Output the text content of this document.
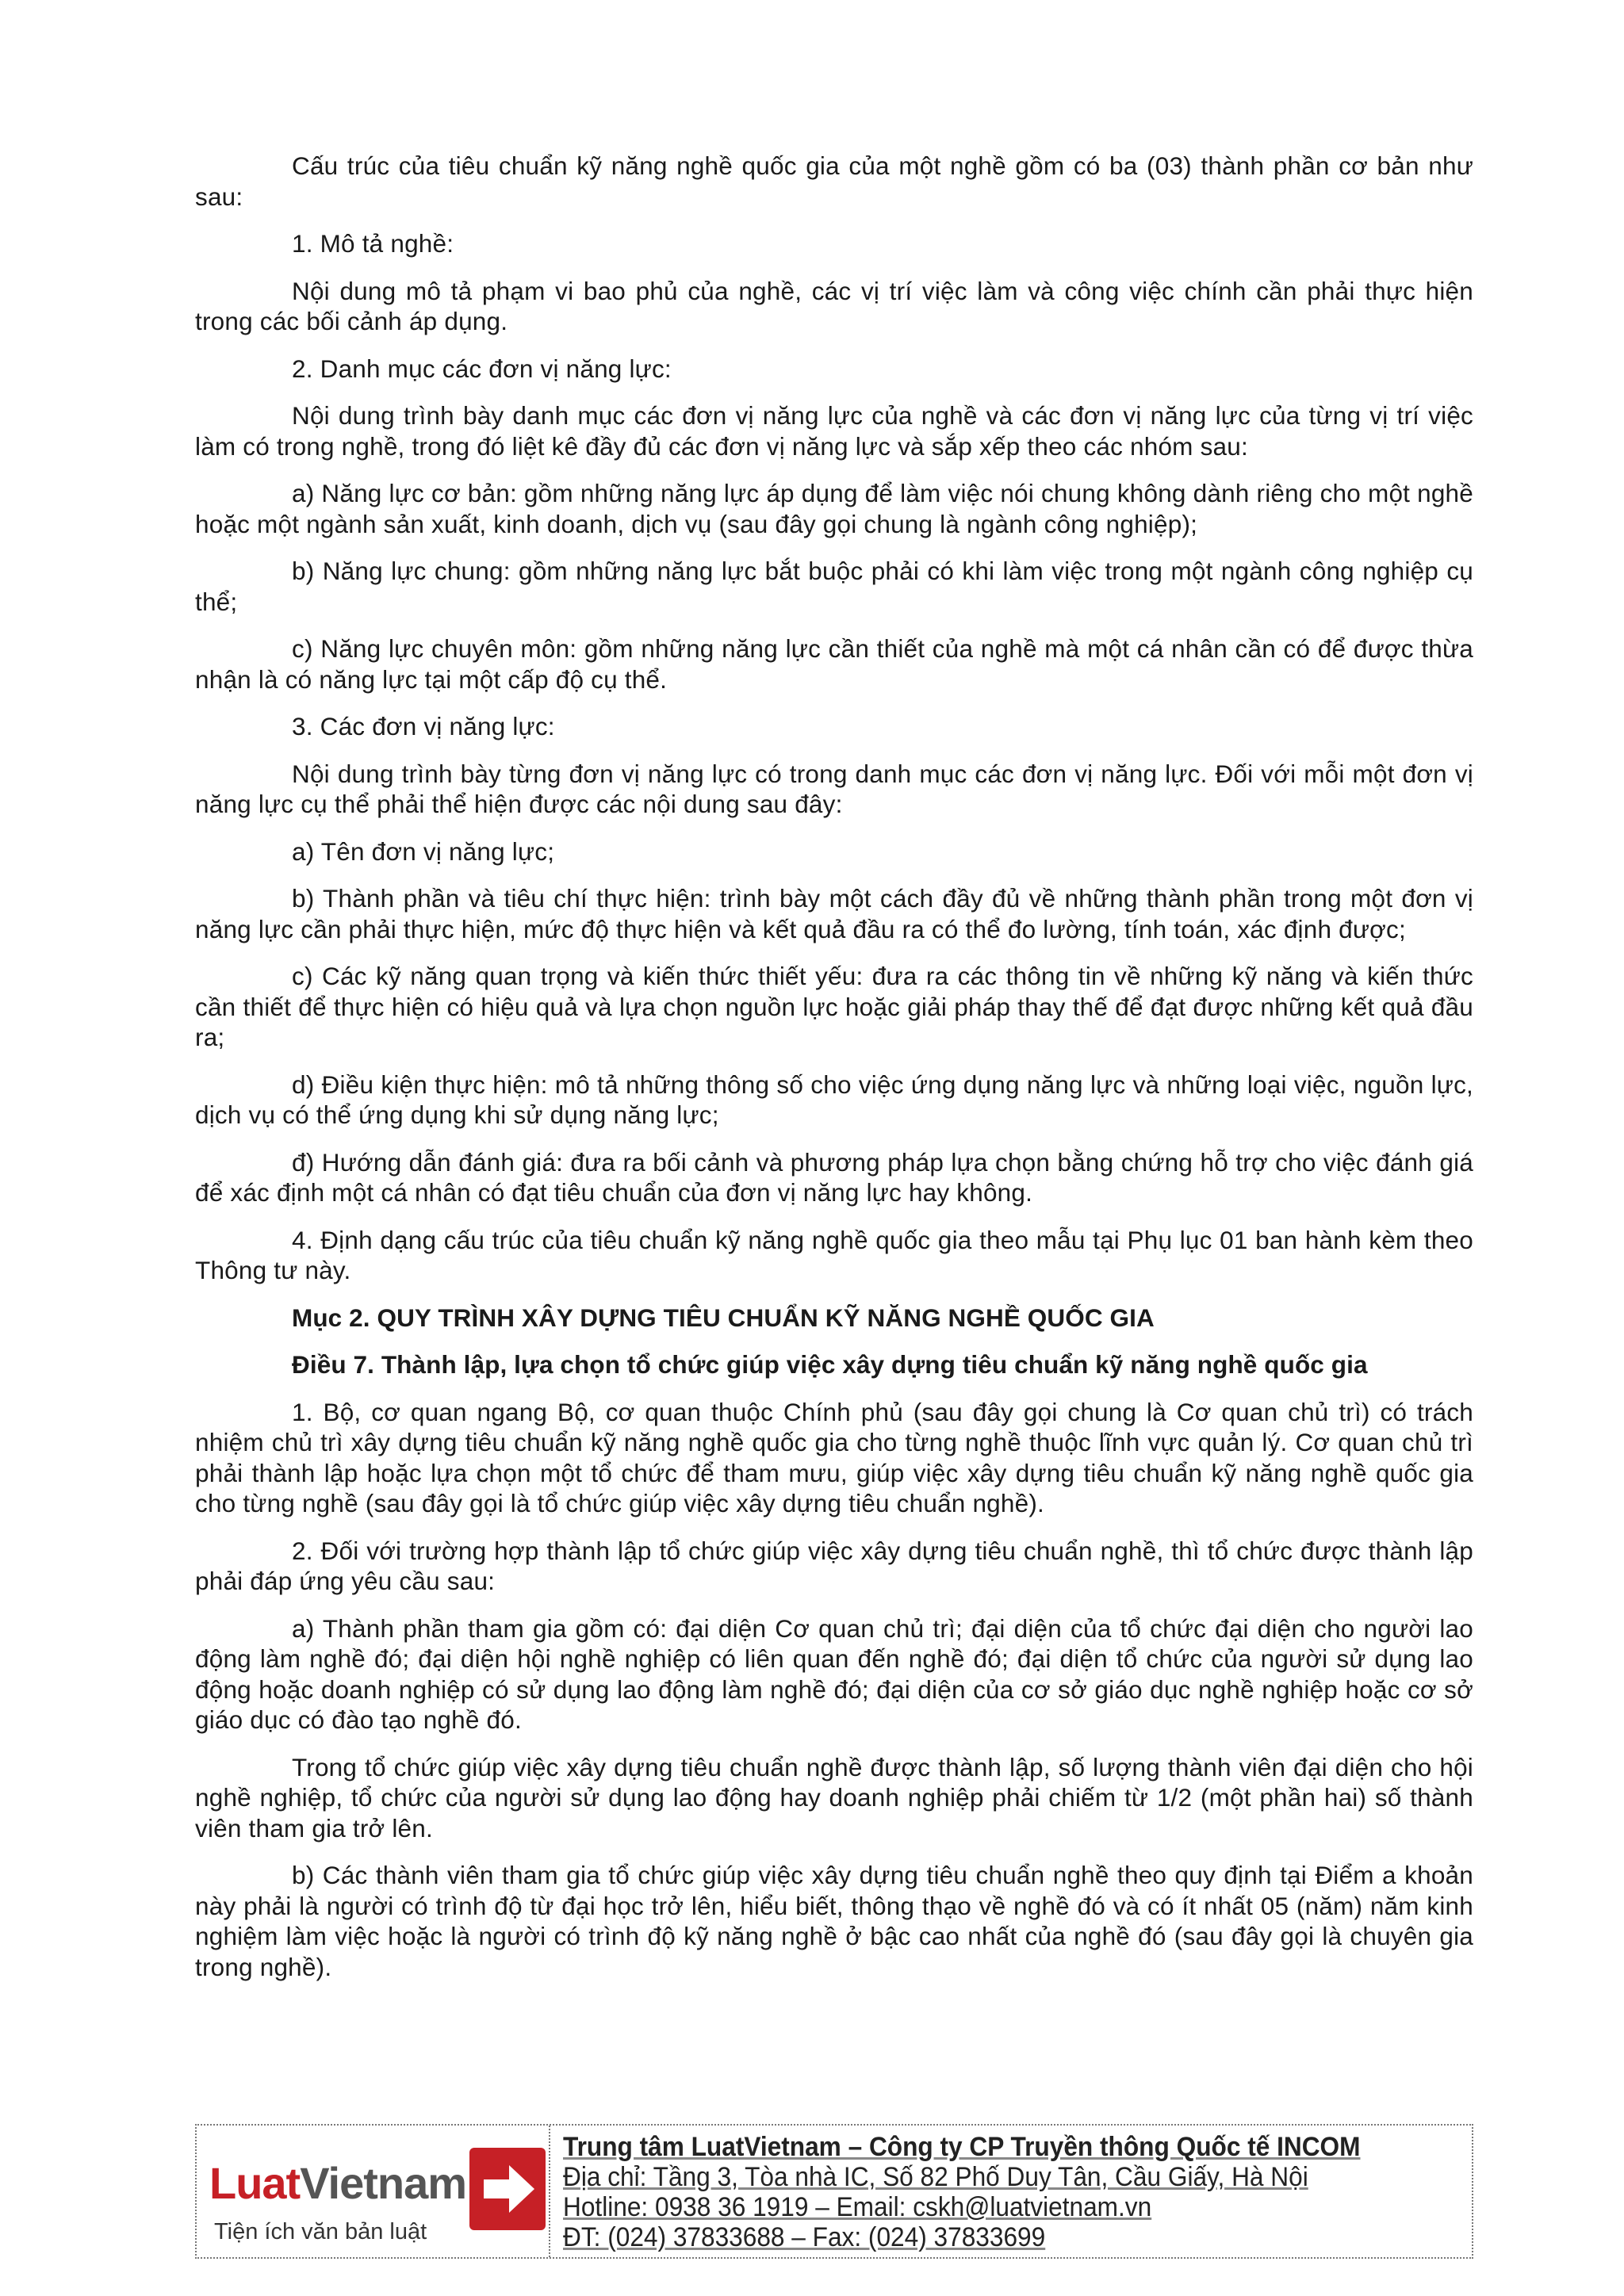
Cấu trúc của tiêu chuẩn kỹ năng nghề quốc gia của một nghề gồm có ba (03) thành phần cơ bản như sau:

1. Mô tả nghề:

Nội dung mô tả phạm vi bao phủ của nghề, các vị trí việc làm và công việc chính cần phải thực hiện trong các bối cảnh áp dụng.

2. Danh mục các đơn vị năng lực:

Nội dung trình bày danh mục các đơn vị năng lực của nghề và các đơn vị năng lực của từng vị trí việc làm có trong nghề, trong đó liệt kê đầy đủ các đơn vị năng lực và sắp xếp theo các nhóm sau:

a) Năng lực cơ bản: gồm những năng lực áp dụng để làm việc nói chung không dành riêng cho một nghề hoặc một ngành sản xuất, kinh doanh, dịch vụ (sau đây gọi chung là ngành công nghiệp);

b) Năng lực chung: gồm những năng lực bắt buộc phải có khi làm việc trong một ngành công nghiệp cụ thể;

c) Năng lực chuyên môn: gồm những năng lực cần thiết của nghề mà một cá nhân cần có để được thừa nhận là có năng lực tại một cấp độ cụ thể.

3. Các đơn vị năng lực:

Nội dung trình bày từng đơn vị năng lực có trong danh mục các đơn vị năng lực. Đối với mỗi một đơn vị năng lực cụ thể phải thể hiện được các nội dung sau đây:

a) Tên đơn vị năng lực;

b) Thành phần và tiêu chí thực hiện: trình bày một cách đầy đủ về những thành phần trong một đơn vị năng lực cần phải thực hiện, mức độ thực hiện và kết quả đầu ra có thể đo lường, tính toán, xác định được;

c) Các kỹ năng quan trọng và kiến thức thiết yếu: đưa ra các thông tin về những kỹ năng và kiến thức cần thiết để thực hiện có hiệu quả và lựa chọn nguồn lực hoặc giải pháp thay thế để đạt được những kết quả đầu ra;

d) Điều kiện thực hiện: mô tả những thông số cho việc ứng dụng năng lực và những loại việc, nguồn lực, dịch vụ có thể ứng dụng khi sử dụng năng lực;

đ) Hướng dẫn đánh giá: đưa ra bối cảnh và phương pháp lựa chọn bằng chứng hỗ trợ cho việc đánh giá để xác định một cá nhân có đạt tiêu chuẩn của đơn vị năng lực hay không.

4. Định dạng cấu trúc của tiêu chuẩn kỹ năng nghề quốc gia theo mẫu tại Phụ lục 01 ban hành kèm theo Thông tư này.

Mục 2. QUY TRÌNH XÂY DỰNG TIÊU CHUẨN KỸ NĂNG NGHỀ QUỐC GIA

Điều 7. Thành lập, lựa chọn tổ chức giúp việc xây dựng tiêu chuẩn kỹ năng nghề quốc gia

1. Bộ, cơ quan ngang Bộ, cơ quan thuộc Chính phủ (sau đây gọi chung là Cơ quan chủ trì) có trách nhiệm chủ trì xây dựng tiêu chuẩn kỹ năng nghề quốc gia cho từng nghề thuộc lĩnh vực quản lý. Cơ quan chủ trì phải thành lập hoặc lựa chọn một tổ chức để tham mưu, giúp việc xây dựng tiêu chuẩn kỹ năng nghề quốc gia cho từng nghề (sau đây gọi là tổ chức giúp việc xây dựng tiêu chuẩn nghề).

2. Đối với trường hợp thành lập tổ chức giúp việc xây dựng tiêu chuẩn nghề, thì tổ chức được thành lập phải đáp ứng yêu cầu sau:

a) Thành phần tham gia gồm có: đại diện Cơ quan chủ trì; đại diện của tổ chức đại diện cho người lao động làm nghề đó; đại diện hội nghề nghiệp có liên quan đến nghề đó; đại diện tổ chức của người sử dụng lao động hoặc doanh nghiệp có sử dụng lao động làm nghề đó; đại diện của cơ sở giáo dục nghề nghiệp hoặc cơ sở giáo dục có đào tạo nghề đó.

Trong tổ chức giúp việc xây dựng tiêu chuẩn nghề được thành lập, số lượng thành viên đại diện cho hội nghề nghiệp, tổ chức của người sử dụng lao động hay doanh nghiệp phải chiếm từ 1/2 (một phần hai) số thành viên tham gia trở lên.

b) Các thành viên tham gia tổ chức giúp việc xây dựng tiêu chuẩn nghề theo quy định tại Điểm a khoản này phải là người có trình độ từ đại học trở lên, hiểu biết, thông thạo về nghề đó và có ít nhất 05 (năm) năm kinh nghiệm làm việc hoặc là người có trình độ kỹ năng nghề ở bậc cao nhất của nghề đó (sau đây gọi là chuyên gia trong nghề).

LuatVietnam
Tiện ích văn bản luật
Trung tâm LuatVietnam – Công ty CP Truyền thông Quốc tế INCOM
Địa chỉ: Tầng 3, Tòa nhà IC, Số 82 Phố Duy Tân, Cầu Giấy, Hà Nội
Hotline: 0938 36 1919 – Email: cskh@luatvietnam.vn
ĐT: (024) 37833688 – Fax: (024) 37833699
